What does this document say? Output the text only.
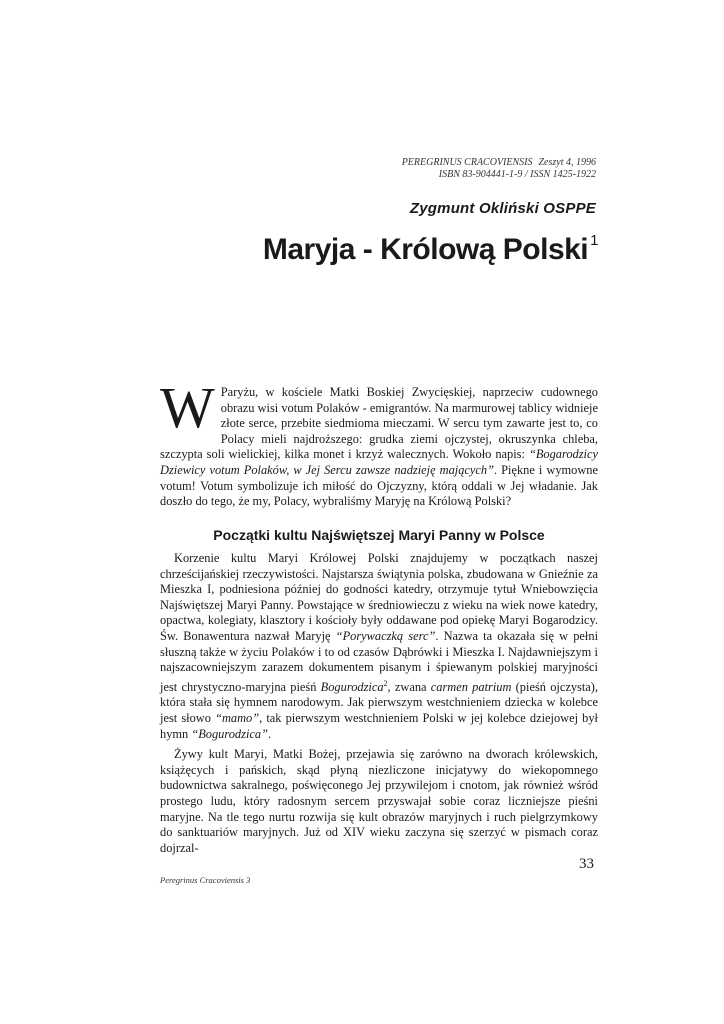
PEREGRINUS CRACOVIENSIS Zeszyt 4, 1996
ISBN 83-904441-1-9 / ISSN 1425-1922
Zygmunt Okliński OSPPE
Maryja - Królową Polski $^1$
W Paryżu, w kościele Matki Boskiej Zwycięskiej, naprzeciw cudownego obrazu wisi votum Polaków - emigrantów. Na marmurowej tablicy widnieje złote serce, przebite siedmioma mieczami. W sercu tym zawarte jest to, co Polacy mieli najdroższego: grudka ziemi ojczystej, okruszynka chleba, szczypta soli wielickiej, kilka monet i krzyż walecznych. Wokoło napis: “Bogarodzicy Dziewicy votum Polaków, w Jej Sercu zawsze nadzieję mających”. Piękne i wymowne votum! Votum symbolizuje ich miłość do Ojczyzny, którą oddali w Jej władanie. Jak doszło do tego, że my, Polacy, wybraliśmy Maryję na Królową Polski?
Początki kultu Najświętszej Maryi Panny w Polsce

Korzenie kultu Maryi Królowej Polski znajdujemy w początkach naszej chrześcijańskiej rzeczywistości. Najstarsza świątynia polska, zbudowana w Gnieźnie za Mieszka I, podniesiona później do godności katedry, otrzymuje tytuł Wniebowzięcia Najświętszej Maryi Panny. Powstające w średniowieczu z wieku na wiek nowe katedry, opactwa, kolegiaty, klasztory i kościoły były oddawane pod opiekę Maryi Bogarodzicy. Św. Bonawentura nazwał Maryję “Porywaczką serc”. Nazwa ta okazała się w pełni słuszną także w życiu Polaków i to od czasów Dąbrówki i Mieszka I. Najdawniejszym i najszacowniejszym zarazem dokumentem pisanym i śpiewanym polskiej maryjności jest chrystyczno-maryjna pieśń Bogurodzica$^2$, zwana carmen patrium (pieśń ojczysta), która stała się hymnem narodowym. Jak pierwszym westchnieniem dziecka w kolebce jest słowo “mamo”, tak pierwszym westchnieniem Polski w jej kolebce dziejowej był hymn “Bogurodzica”.

Żywy kult Maryi, Matki Bożej, przejawia się zarówno na dworach królewskich, książęcych i pańskich, skąd płyną niezliczone inicjatywy do wiekopomnego budownictwa sakralnego, poświęconego Jej przywilejom i cnotom, jak również wśród prostego ludu, który radosnym sercem przyswajał sobie coraz liczniejsze pieśni maryjne. Na tle tego nurtu rozwija się kult obrazów maryjnych i ruch pielgrzymkowy do sanktuariów maryjnych. Już od XIV wieku zaczyna się szerzyć w pismach coraz dojrzal-

33
Peregrinus Cracoviensis 3
